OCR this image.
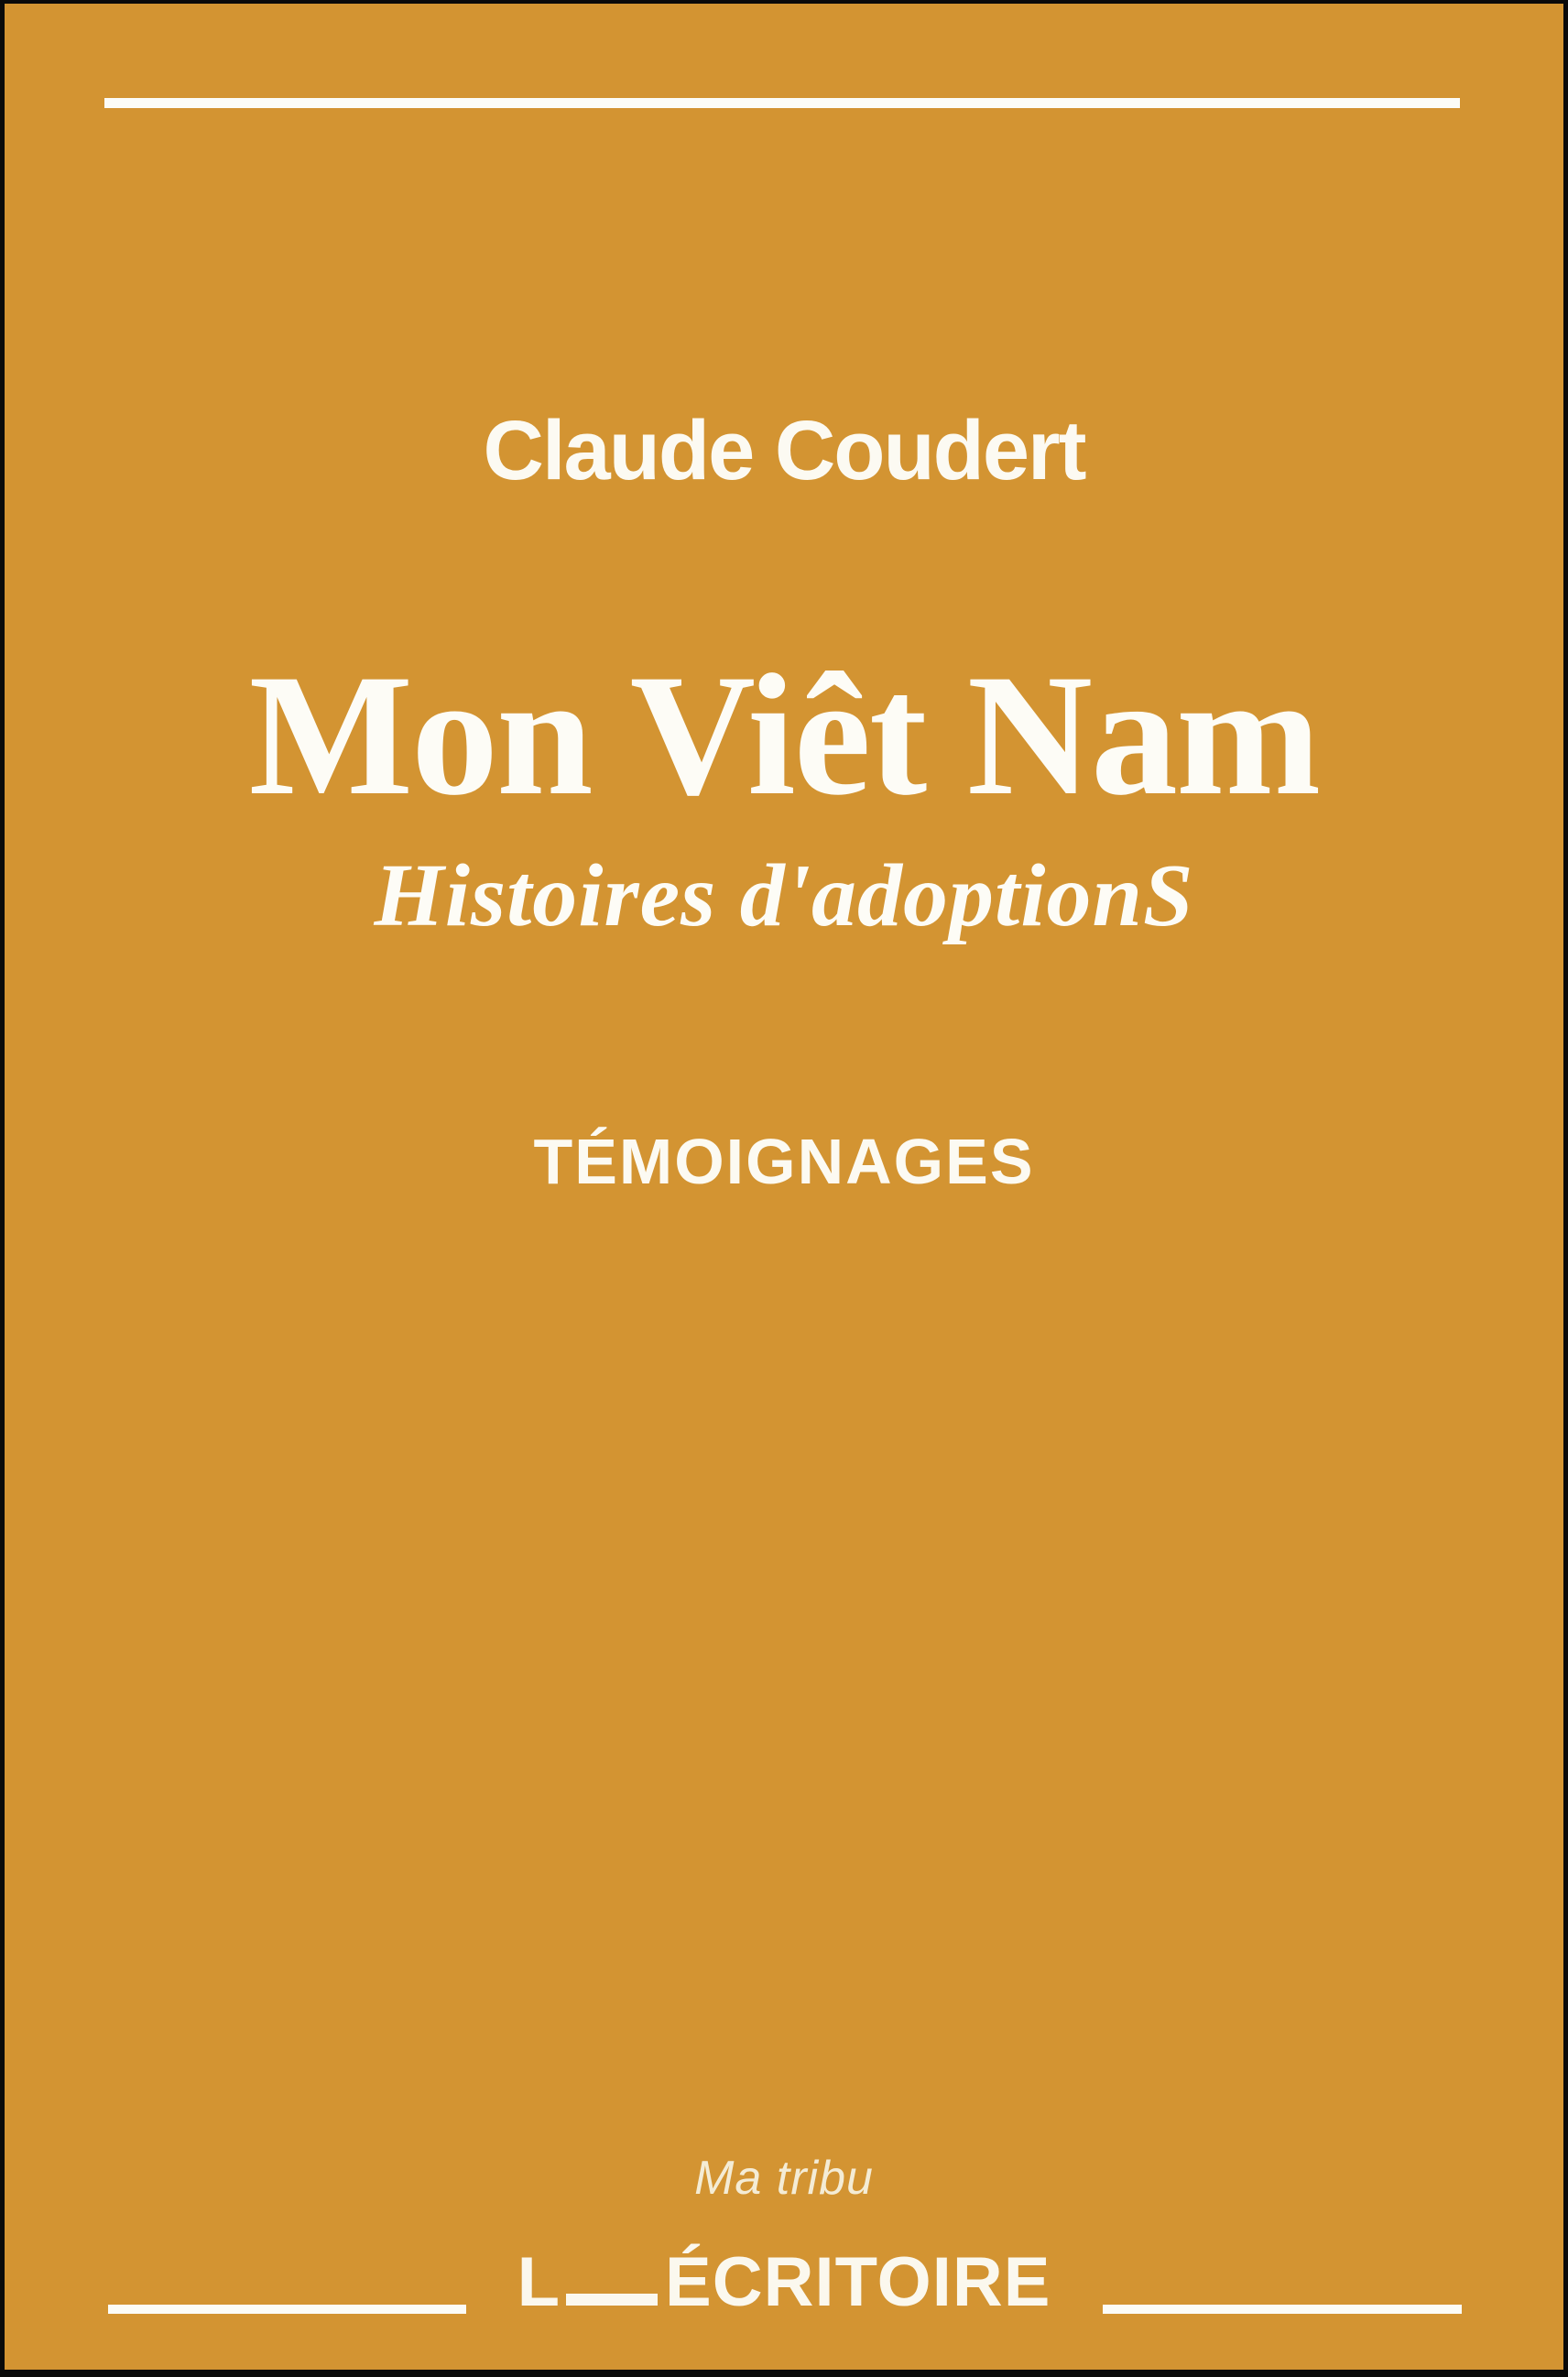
Claude Coudert
Mon Viêt Nam
Histoires d'adoptionS
TÉMOIGNAGES
Ma tribu
L ÉCRITOIRE
